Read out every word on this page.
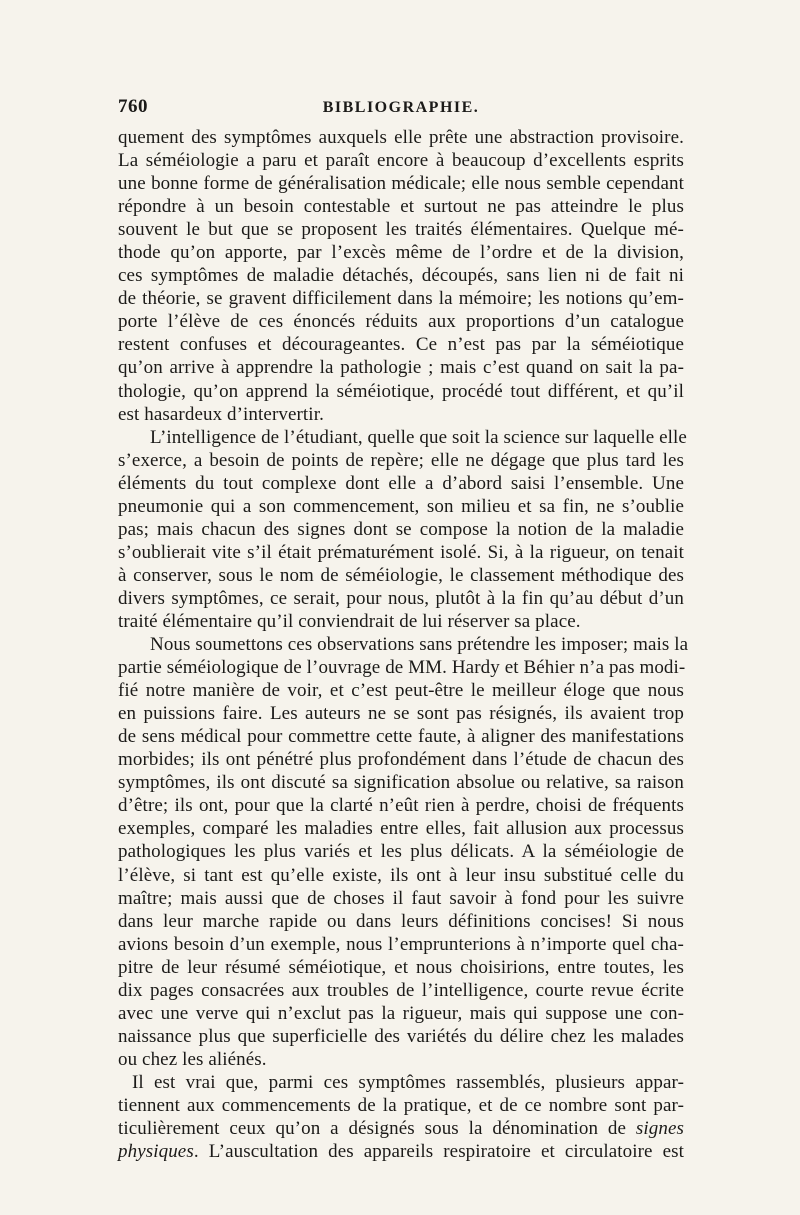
760	BIBLIOGRAPHIE.
quement des symptômes auxquels elle prête une abstraction provisoire.
La séméiologie a paru et paraît encore à beaucoup d’excellents esprits
une bonne forme de généralisation médicale; elle nous semble cependant
répondre à un besoin contestable et surtout ne pas atteindre le plus
souvent le but que se proposent les traités élémentaires. Quelque mé-
thode qu’on apporte, par l’excès même de l’ordre et de la division,
ces symptômes de maladie détachés, découpés, sans lien ni de fait ni
de théorie, se gravent difficilement dans la mémoire; les notions qu’em-
porte l’élève de ces énoncés réduits aux proportions d’un catalogue
restent confuses et décourageantes. Ce n’est pas par la séméiotique
qu’on arrive à apprendre la pathologie ; mais c’est quand on sait la pa-
thologie, qu’on apprend la séméiotique, procédé tout différent, et qu’il
est hasardeux d’intervertir.
L’intelligence de l’étudiant, quelle que soit la science sur laquelle elle
s’exerce, a besoin de points de repère; elle ne dégage que plus tard les
éléments du tout complexe dont elle a d’abord saisi l’ensemble. Une
pneumonie qui a son commencement, son milieu et sa fin, ne s’oublie
pas; mais chacun des signes dont se compose la notion de la maladie
s’oublierait vite s’il était prématurément isolé. Si, à la rigueur, on tenait
à conserver, sous le nom de séméiologie, le classement méthodique des
divers symptômes, ce serait, pour nous, plutôt à la fin qu’au début d’un
traité élémentaire qu’il conviendrait de lui réserver sa place.
Nous soumettons ces observations sans prétendre les imposer; mais la
partie séméiologique de l’ouvrage de MM. Hardy et Béhier n’a pas modi-
fié notre manière de voir, et c’est peut-être le meilleur éloge que nous
en puissions faire. Les auteurs ne se sont pas résignés, ils avaient trop
de sens médical pour commettre cette faute, à aligner des manifestations
morbides; ils ont pénétré plus profondément dans l’étude de chacun des
symptômes, ils ont discuté sa signification absolue ou relative, sa raison
d’être; ils ont, pour que la clarté n’eût rien à perdre, choisi de fréquents
exemples, comparé les maladies entre elles, fait allusion aux processus
pathologiques les plus variés et les plus délicats. A la séméiologie de
l’élève, si tant est qu’elle existe, ils ont à leur insu substitué celle du
maître; mais aussi que de choses il faut savoir à fond pour les suivre
dans leur marche rapide ou dans leurs définitions concises! Si nous
avions besoin d’un exemple, nous l’emprunterions à n’importe quel cha-
pitre de leur résumé séméiotique, et nous choisirions, entre toutes, les
dix pages consacrées aux troubles de l’intelligence, courte revue écrite
avec une verve qui n’exclut pas la rigueur, mais qui suppose une con-
naissance plus que superficielle des variétés du délire chez les malades
ou chez les aliénés.
Il est vrai que, parmi ces symptômes rassemblés, plusieurs appar-
tiennent aux commencements de la pratique, et de ce nombre sont par-
ticulièrement ceux qu’on a désignés sous la dénomination de signes
physiques. L’auscultation des appareils respiratoire et circulatoire est
